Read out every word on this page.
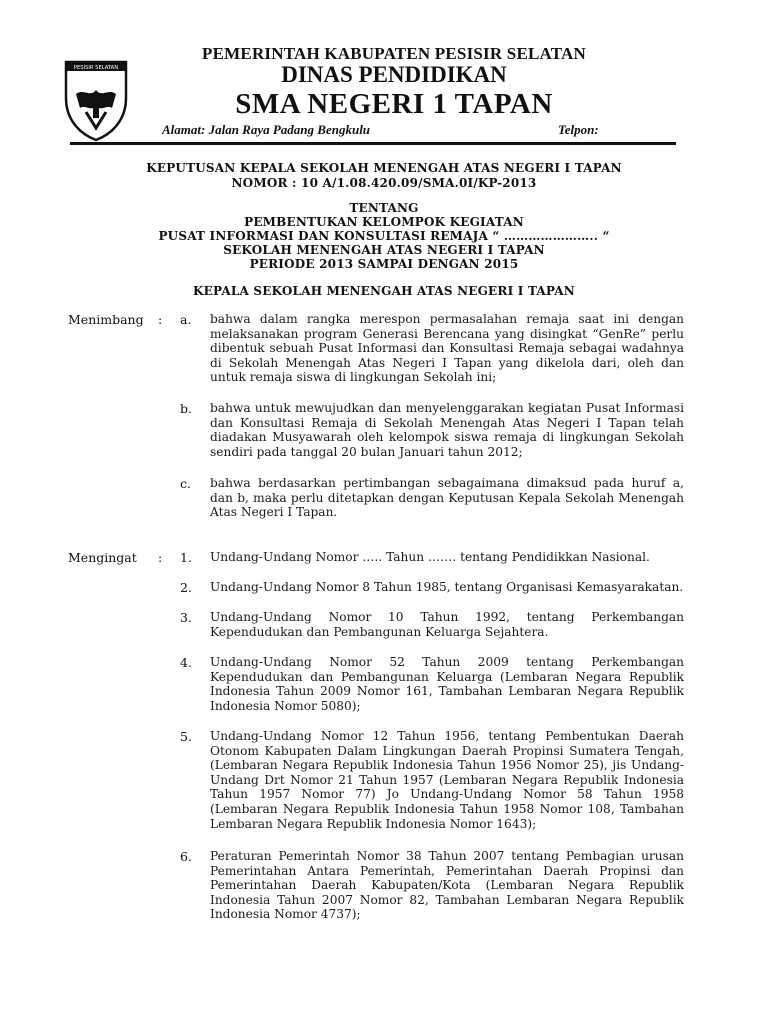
PESISIR SELATAN
PEMERINTAH KABUPATEN PESISIR SELATAN
DINAS PENDIDIKAN
SMA NEGERI 1 TAPAN
Alamat: Jalan Raya Padang Bengkulu	Telpon:
KEPUTUSAN KEPALA SEKOLAH MENENGAH ATAS NEGERI I TAPAN
NOMOR : 10 A/1.08.420.09/SMA.0I/KP-2013
TENTANG
PEMBENTUKAN KELOMPOK KEGIATAN
PUSAT INFORMASI DAN KONSULTASI REMAJA “ ………………….. “
SEKOLAH MENENGAH ATAS NEGERI I TAPAN
PERIODE 2013 SAMPAI DENGAN 2015
KEPALA SEKOLAH MENENGAH ATAS NEGERI I TAPAN
Menimbang : a. bahwa dalam rangka merespon permasalahan remaja saat ini dengan melaksanakan program Generasi Berencana yang disingkat “GenRe” perlu dibentuk sebuah Pusat Informasi dan Konsultasi Remaja sebagai wadahnya di Sekolah Menengah Atas Negeri I Tapan yang dikelola dari, oleh dan untuk remaja siswa di lingkungan Sekolah ini;
b. bahwa untuk mewujudkan dan menyelenggarakan kegiatan Pusat Informasi dan Konsultasi Remaja di Sekolah Menengah Atas Negeri I Tapan telah diadakan Musyawarah oleh kelompok siswa remaja di lingkungan Sekolah sendiri pada tanggal 20 bulan Januari tahun 2012;
c. bahwa berdasarkan pertimbangan sebagaimana dimaksud pada huruf a, dan b, maka perlu ditetapkan dengan Keputusan Kepala Sekolah Menengah Atas Negeri I Tapan.
Mengingat : 1. Undang-Undang Nomor ….. Tahun ……. tentang Pendidikkan Nasional.
2. Undang-Undang Nomor 8 Tahun 1985, tentang Organisasi Kemasyarakatan.
3. Undang-Undang Nomor 10 Tahun 1992, tentang Perkembangan Kependudukan dan Pembangunan Keluarga Sejahtera.
4. Undang-Undang Nomor 52 Tahun 2009 tentang Perkembangan Kependudukan dan Pembangunan Keluarga (Lembaran Negara Republik Indonesia Tahun 2009 Nomor 161, Tambahan Lembaran Negara Republik Indonesia Nomor 5080);
5. Undang-Undang Nomor 12 Tahun 1956, tentang Pembentukan Daerah Otonom Kabupaten Dalam Lingkungan Daerah Propinsi Sumatera Tengah, (Lembaran Negara Republik Indonesia Tahun 1956 Nomor 25), jis Undang-Undang Drt Nomor 21 Tahun 1957 (Lembaran Negara Republik Indonesia Tahun 1957 Nomor 77) Jo Undang-Undang Nomor 58 Tahun 1958 (Lembaran Negara Republik Indonesia Tahun 1958 Nomor 108, Tambahan Lembaran Negara Republik Indonesia Nomor 1643);
6. Peraturan Pemerintah Nomor 38 Tahun 2007 tentang Pembagian urusan Pemerintahan Antara Pemerintah, Pemerintahan Daerah Propinsi dan Pemerintahan Daerah Kabupaten/Kota (Lembaran Negara Republik Indonesia Tahun 2007 Nomor 82, Tambahan Lembaran Negara Republik Indonesia Nomor 4737);
